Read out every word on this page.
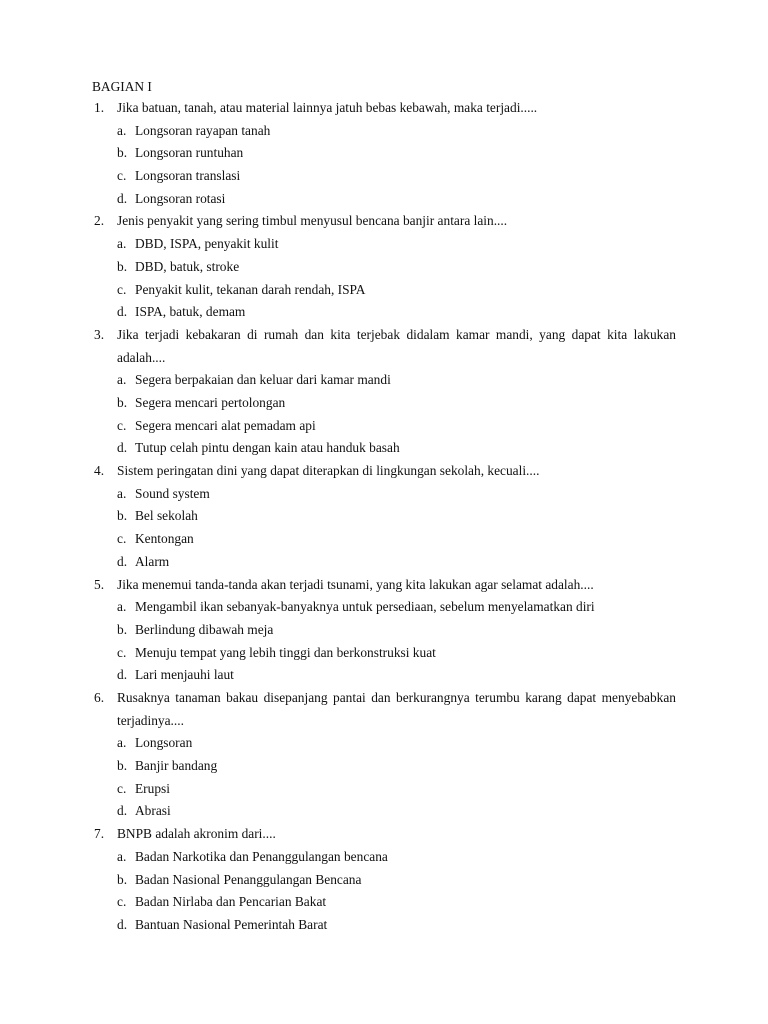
BAGIAN I
1. Jika batuan, tanah, atau material lainnya jatuh bebas kebawah, maka terjadi.....
a. Longsoran rayapan tanah
b. Longsoran runtuhan
c. Longsoran translasi
d. Longsoran rotasi
2. Jenis penyakit yang sering timbul menyusul bencana banjir antara lain....
a. DBD, ISPA, penyakit kulit
b. DBD, batuk, stroke
c. Penyakit kulit, tekanan darah rendah, ISPA
d. ISPA, batuk, demam
3. Jika terjadi kebakaran di rumah dan kita terjebak didalam kamar mandi, yang dapat kita lakukan adalah....
a. Segera berpakaian dan keluar dari kamar mandi
b. Segera mencari pertolongan
c. Segera mencari alat pemadam api
d. Tutup celah pintu dengan kain atau handuk basah
4. Sistem peringatan dini yang dapat diterapkan di lingkungan sekolah, kecuali....
a. Sound system
b. Bel sekolah
c. Kentongan
d. Alarm
5. Jika menemui tanda-tanda akan terjadi tsunami, yang kita lakukan agar selamat adalah....
a. Mengambil ikan sebanyak-banyaknya untuk persediaan, sebelum menyelamatkan diri
b. Berlindung dibawah meja
c. Menuju tempat yang lebih tinggi dan berkonstruksi kuat
d. Lari menjauhi laut
6. Rusaknya tanaman bakau disepanjang pantai dan berkurangnya terumbu karang dapat menyebabkan terjadinya....
a. Longsoran
b. Banjir bandang
c. Erupsi
d. Abrasi
7. BNPB adalah akronim dari....
a. Badan Narkotika dan Penanggulangan bencana
b. Badan Nasional Penanggulangan Bencana
c. Badan Nirlaba dan Pencarian Bakat
d. Bantuan Nasional Pemerintah Barat
